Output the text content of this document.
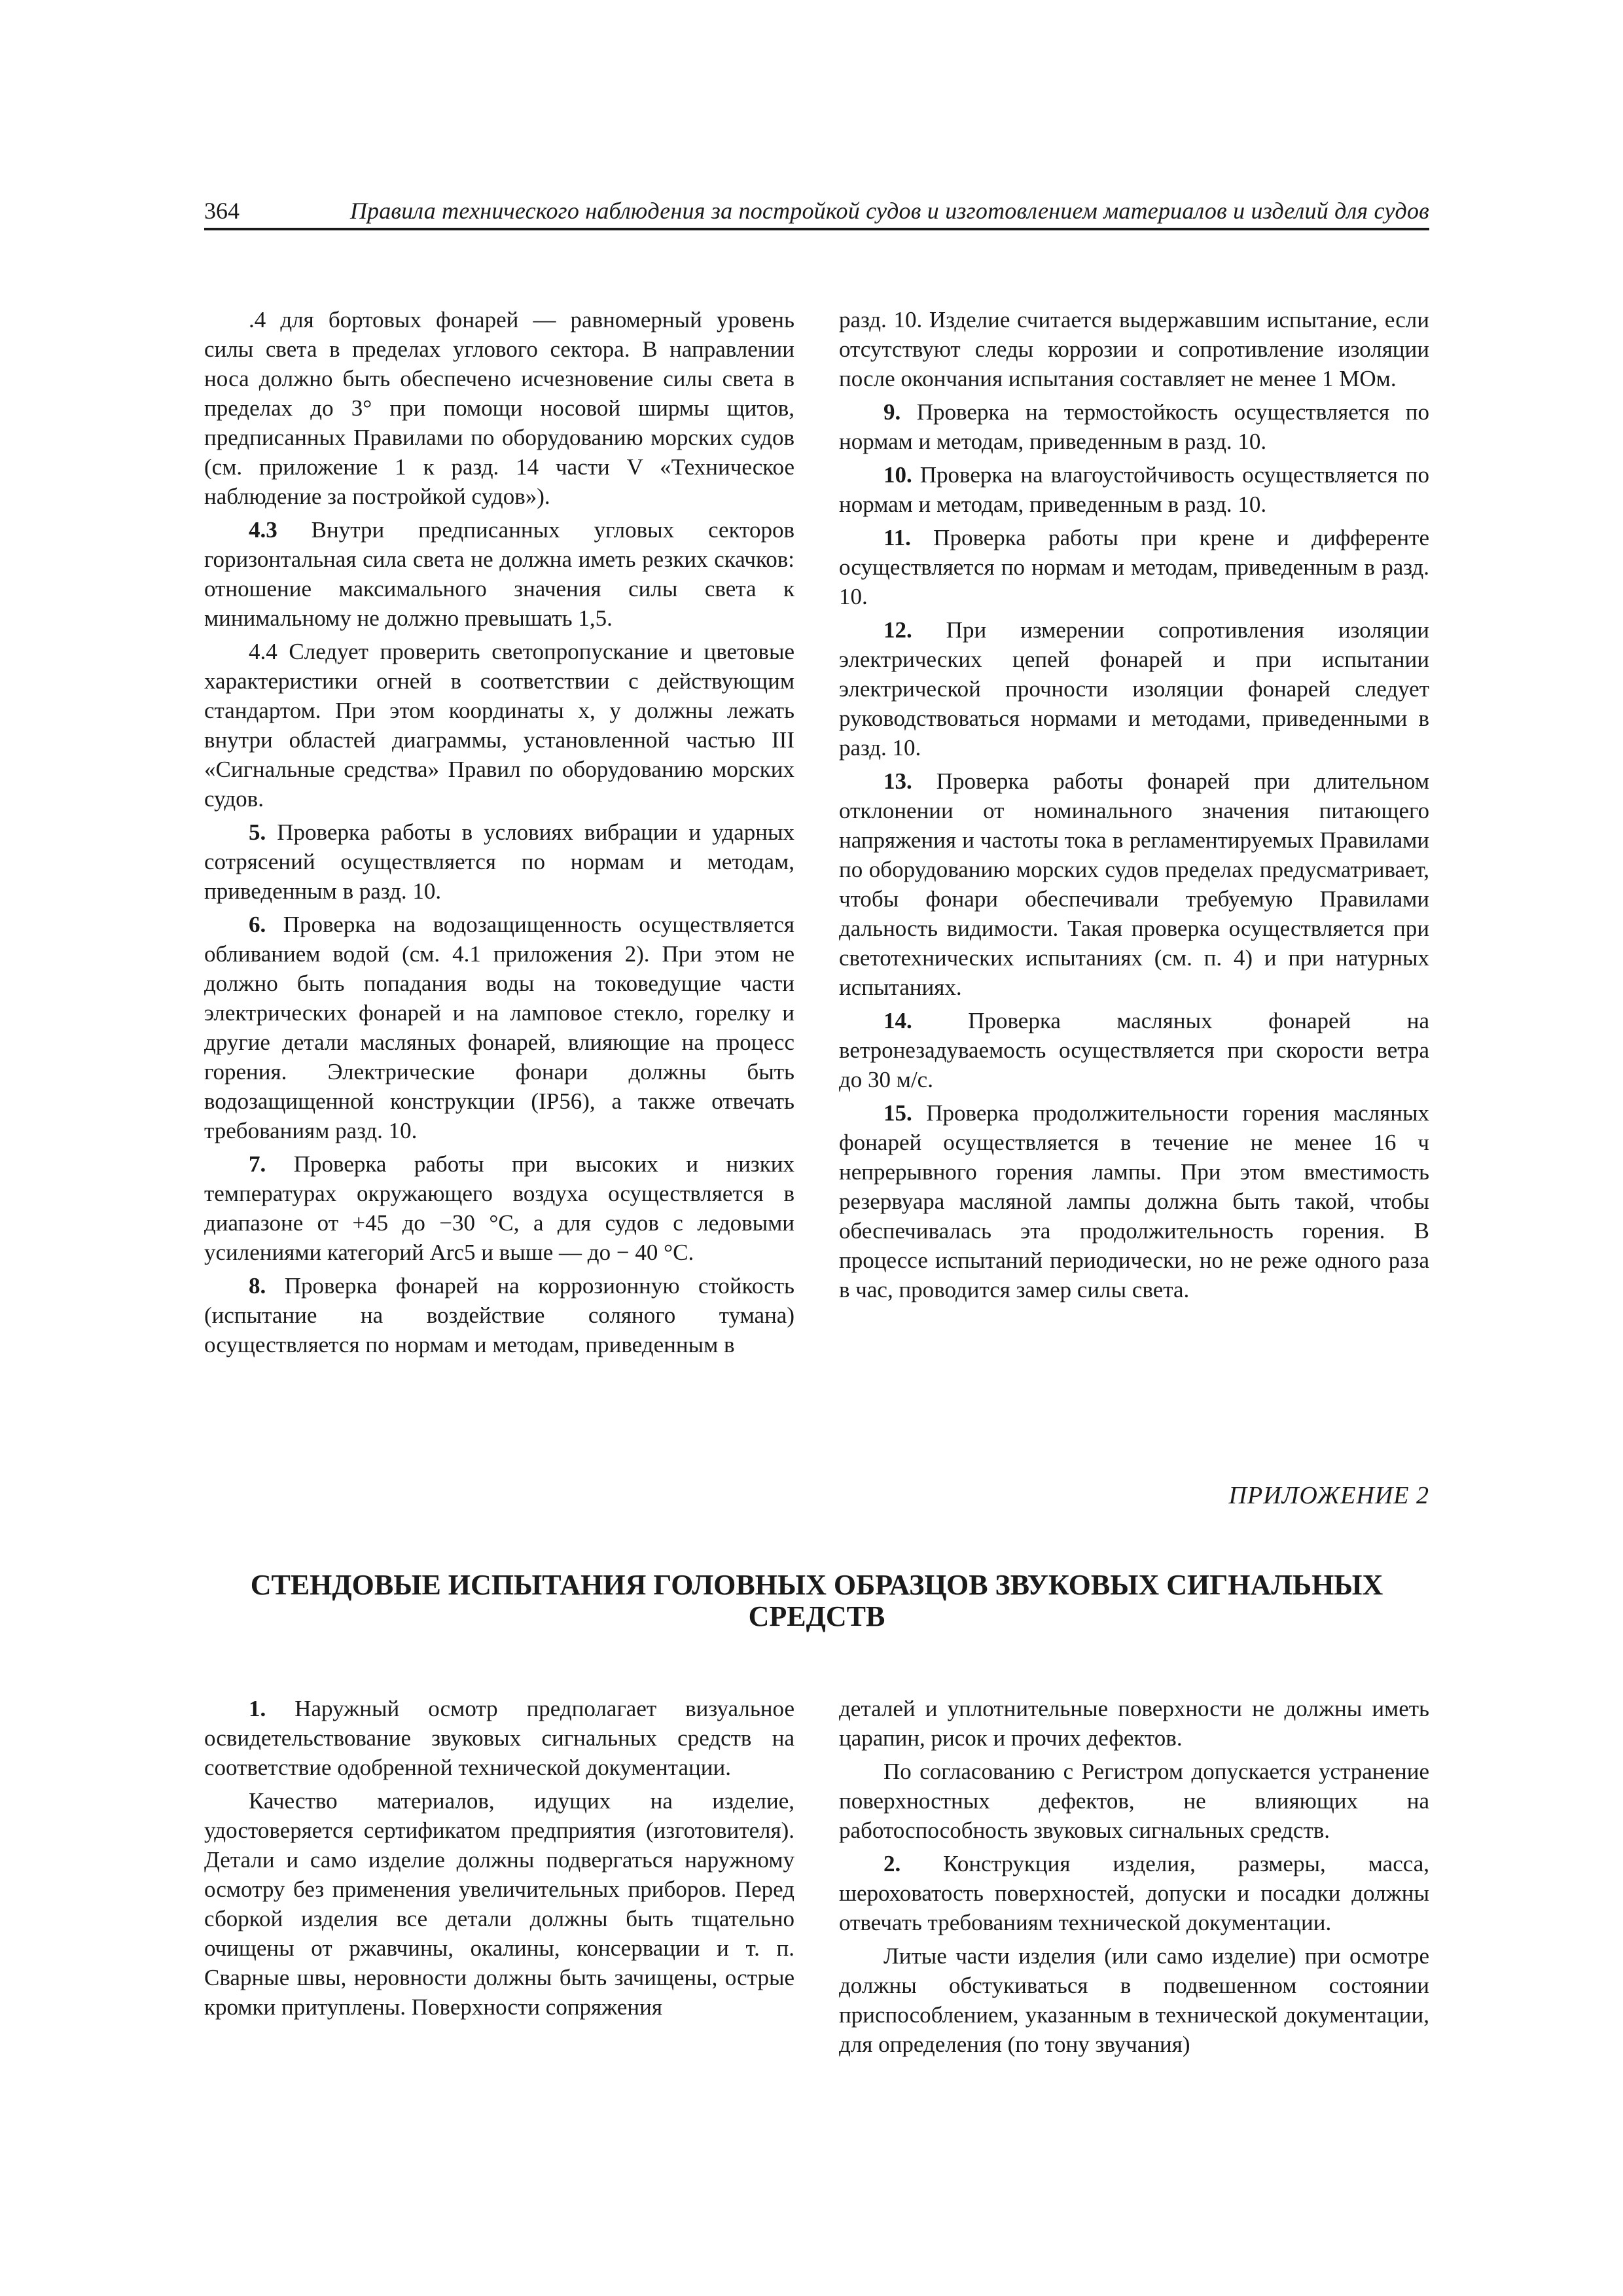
364	Правила технического наблюдения за постройкой судов и изготовлением материалов и изделий для судов

.4 для бортовых фонарей — равномерный уровень силы света в пределах углового сектора. В направлении носа должно быть обеспечено исчезновение силы света в пределах до 3° при помощи носовой ширмы щитов, предписанных Правилами по оборудованию морских судов (см. приложение 1 к разд. 14 части V «Техническое наблюдение за постройкой судов»).

4.3 Внутри предписанных угловых секторов горизонтальная сила света не должна иметь резких скачков: отношение максимального значения силы света к минимальному не должно превышать 1,5.

4.4 Следует проверить светопропускание и цветовые характеристики огней в соответствии с действующим стандартом. При этом координаты x, y должны лежать внутри областей диаграммы, установленной частью III «Сигнальные средства» Правил по оборудованию морских судов.

5. Проверка работы в условиях вибрации и ударных сотрясений осуществляется по нормам и методам, приведенным в разд. 10.

6. Проверка на водозащищенность осуществляется обливанием водой (см. 4.1 приложения 2). При этом не должно быть попадания воды на токоведущие части электрических фонарей и на ламповое стекло, горелку и другие детали масляных фонарей, влияющие на процесс горения. Электрические фонари должны быть водозащищенной конструкции (IP56), а также отвечать требованиям разд. 10.

7. Проверка работы при высоких и низких температурах окружающего воздуха осуществляется в диапазоне от +45 до −30 °С, а для судов с ледовыми усилениями категорий Arc5 и выше — до − 40 °С.

8. Проверка фонарей на коррозионную стойкость (испытание на воздействие соляного тумана) осуществляется по нормам и методам, приведенным в

разд. 10. Изделие считается выдержавшим испытание, если отсутствуют следы коррозии и сопротивление изоляции после окончания испытания составляет не менее 1 МОм.

9. Проверка на термостойкость осуществляется по нормам и методам, приведенным в разд. 10.

10. Проверка на влагоустойчивость осуществляется по нормам и методам, приведенным в разд. 10.

11. Проверка работы при крене и дифференте осуществляется по нормам и методам, приведенным в разд. 10.

12. При измерении сопротивления изоляции электрических цепей фонарей и при испытании электрической прочности изоляции фонарей следует руководствоваться нормами и методами, приведенными в разд. 10.

13. Проверка работы фонарей при длительном отклонении от номинального значения питающего напряжения и частоты тока в регламентируемых Правилами по оборудованию морских судов пределах предусматривает, чтобы фонари обеспечивали требуемую Правилами дальность видимости. Такая проверка осуществляется при светотехнических испытаниях (см. п. 4) и при натурных испытаниях.

14. Проверка масляных фонарей на ветронезадуваемость осуществляется при скорости ветра до 30 м/с.

15. Проверка продолжительности горения масляных фонарей осуществляется в течение не менее 16 ч непрерывного горения лампы. При этом вместимость резервуара масляной лампы должна быть такой, чтобы обеспечивалась эта продолжительность горения. В процессе испытаний периодически, но не реже одного раза в час, проводится замер силы света.

ПРИЛОЖЕНИЕ 2
СТЕНДОВЫЕ ИСПЫТАНИЯ ГОЛОВНЫХ ОБРАЗЦОВ ЗВУКОВЫХ СИГНАЛЬНЫХ
СРЕДСТВ

1. Наружный осмотр предполагает визуальное освидетельствование звуковых сигнальных средств на соответствие одобренной технической документации.

Качество материалов, идущих на изделие, удостоверяется сертификатом предприятия (изготовителя). Детали и само изделие должны подвергаться наружному осмотру без применения увеличительных приборов. Перед сборкой изделия все детали должны быть тщательно очищены от ржавчины, окалины, консервации и т. п. Сварные швы, неровности должны быть зачищены, острые кромки притуплены. Поверхности сопряжения

деталей и уплотнительные поверхности не должны иметь царапин, рисок и прочих дефектов.

По согласованию с Регистром допускается устранение поверхностных дефектов, не влияющих на работоспособность звуковых сигнальных средств.

2. Конструкция изделия, размеры, масса, шероховатость поверхностей, допуски и посадки должны отвечать требованиям технической документации.

Литые части изделия (или само изделие) при осмотре должны обстукиваться в подвешенном состоянии приспособлением, указанным в технической документации, для определения (по тону звучания)
